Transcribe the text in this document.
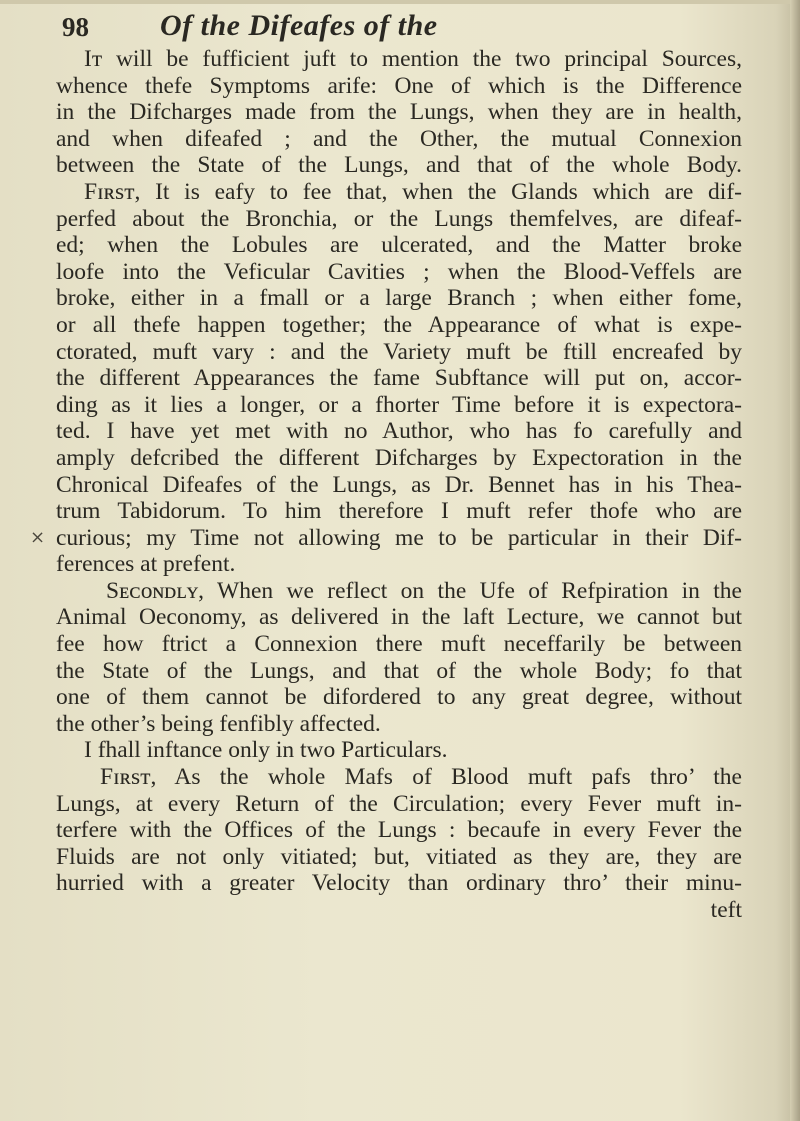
98 Of the Difeafes of the
×
Iᴛ will be fufficient juft to mention the two principal Sources,
whence thefe Symptoms arife: One of which is the Difference
in the Difcharges made from the Lungs, when they are in health,
and when difeafed ; and the Other, the mutual Connexion
between the State of the Lungs, and that of the whole Body.
Fɪʀѕᴛ, It is eafy to fee that, when the Glands which are dif-
perfed about the Bronchia, or the Lungs themfelves, are difeaf-
ed; when the Lobules are ulcerated, and the Matter broke
loofe into the Veficular Cavities ; when the Blood-Veffels are
broke, either in a fmall or a large Branch ; when either fome,
or all thefe happen together; the Appearance of what is expe-
ctorated, muft vary : and the Variety muft be ftill encreafed by
the different Appearances the fame Subftance will put on, accor-
ding as it lies a longer, or a fhorter Time before it is expectora-
ted. I have yet met with no Author, who has fo carefully and
amply defcribed the different Difcharges by Expectoration in the
Chronical Difeafes of the Lungs, as Dr. Bennet has in his Thea-
trum Tabidorum. To him therefore I muft refer thofe who are
curious; my Time not allowing me to be particular in their Dif-
ferences at prefent.
Sᴇᴄᴏɴᴅʟʏ, When we reflect on the Ufe of Refpiration in the
Animal Oeconomy, as delivered in the laft Lecture, we cannot but
fee how ftrict a Connexion there muft neceffarily be between
the State of the Lungs, and that of the whole Body; fo that
one of them cannot be difordered to any great degree, without
the other’s being fenfibly affected.
I fhall inftance only in two Particulars.
Fɪʀѕᴛ, As the whole Mafs of Blood muft pafs thro’ the
Lungs, at every Return of the Circulation; every Fever muft in-
terfere with the Offices of the Lungs : becaufe in every Fever the
Fluids are not only vitiated; but, vitiated as they are, they are
hurried with a greater Velocity than ordinary thro’ their minu-
teft
